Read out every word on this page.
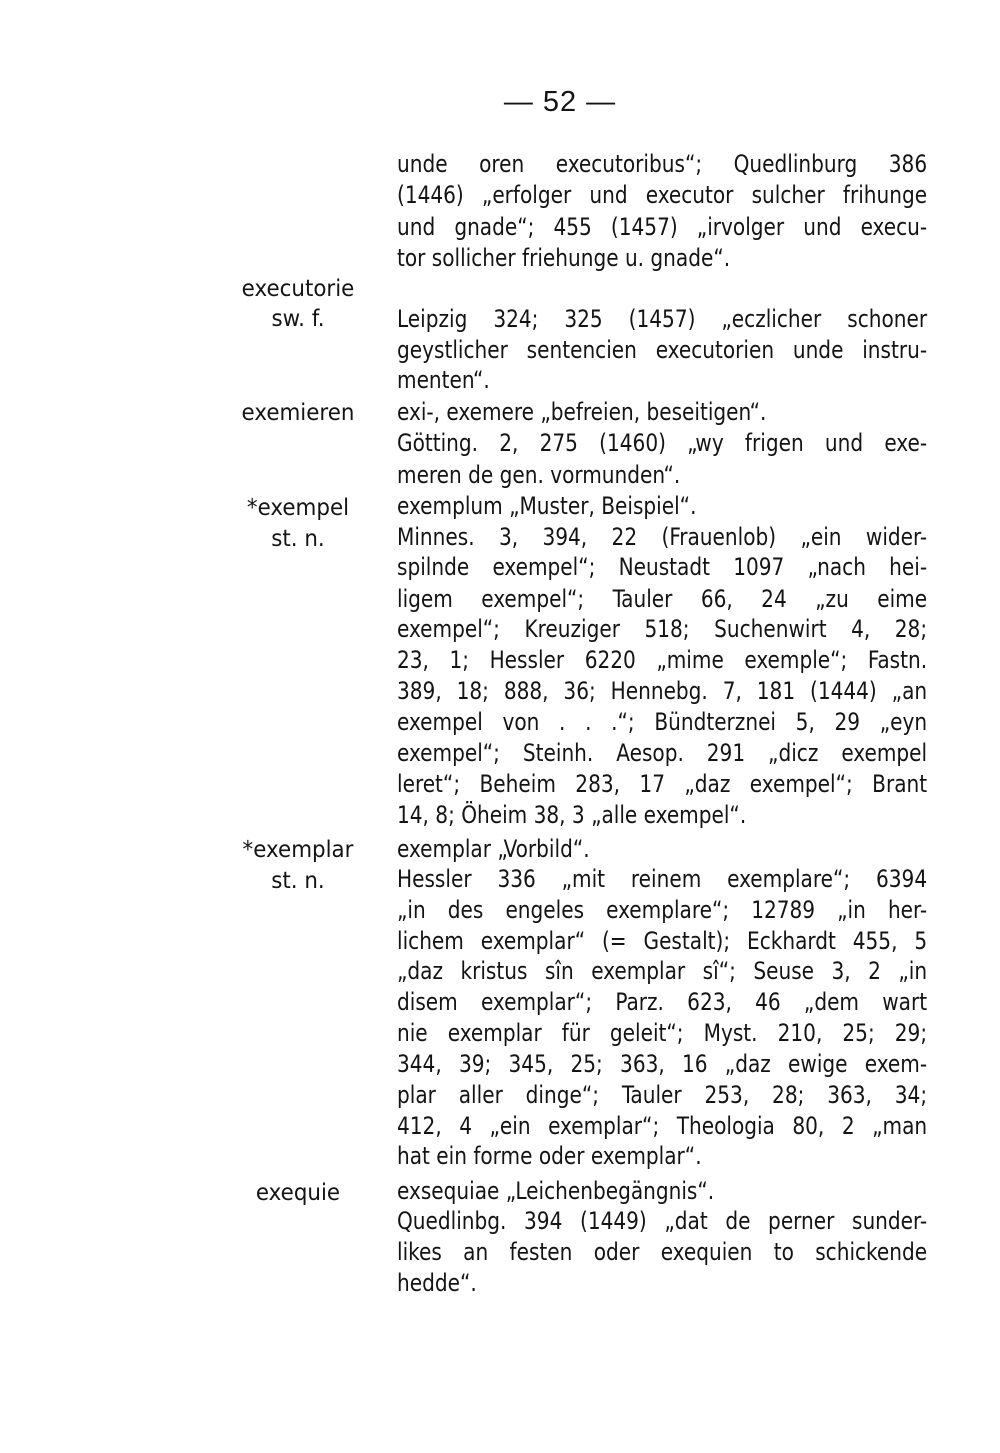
— 52 —
unde oren executoribus“; Quedlinburg 386
(1446) „erfolger und executor sulcher frihunge
und gnade“; 455 (1457) „irvolger und execu-
tor sollicher friehunge u. gnade“.
executorie
sw. f.	Leipzig 324; 325 (1457) „eczlicher schoner
geystlicher sentencien executorien unde instru-
menten“.
exemieren exi-, exemere „befreien, beseitigen“.
Götting. 2, 275 (1460) „wy frigen und exe-
meren de gen. vormunden“.
*exempel
st. n.
exemplum „Muster, Beispiel“.
Minnes. 3, 394, 22 (Frauenlob) „ein wider-
spilnde exempel“; Neustadt 1097 „nach hei-
ligem exempel“; Tauler 66, 24 „zu eime
exempel“; Kreuziger 518; Suchenwirt 4, 28;
23, 1; Hessler 6220 „mime exemple“; Fastn.
389, 18; 888, 36; Hennebg. 7, 181 (1444) „an
exempel von . . .“; Bündterznei 5, 29 „eyn
exempel“; Steinh. Aesop. 291 „dicz exempel
leret“; Beheim 283, 17 „daz exempel“; Brant
14, 8; Öheim 38, 3 „alle exempel“.
*exemplar
st. n.
exemplar „Vorbild“.
Hessler 336 „mit reinem exemplare“; 6394
„in des engeles exemplare“; 12789 „in her-
lichem exemplar“ (= Gestalt); Eckhardt 455, 5
„daz kristus sîn exemplar sî“; Seuse 3, 2 „in
disem exemplar“; Parz. 623, 46 „dem wart
nie exemplar für geleit“; Myst. 210, 25; 29;
344, 39; 345, 25; 363, 16 „daz ewige exem-
plar aller dinge“; Tauler 253, 28; 363, 34;
412, 4 „ein exemplar“; Theologia 80, 2 „man
hat ein forme oder exemplar“.
exequie	exsequiae „Leichenbegängnis“.
Quedlinbg. 394 (1449) „dat de perner sunder-
likes an festen oder exequien to schickende
hedde“.
